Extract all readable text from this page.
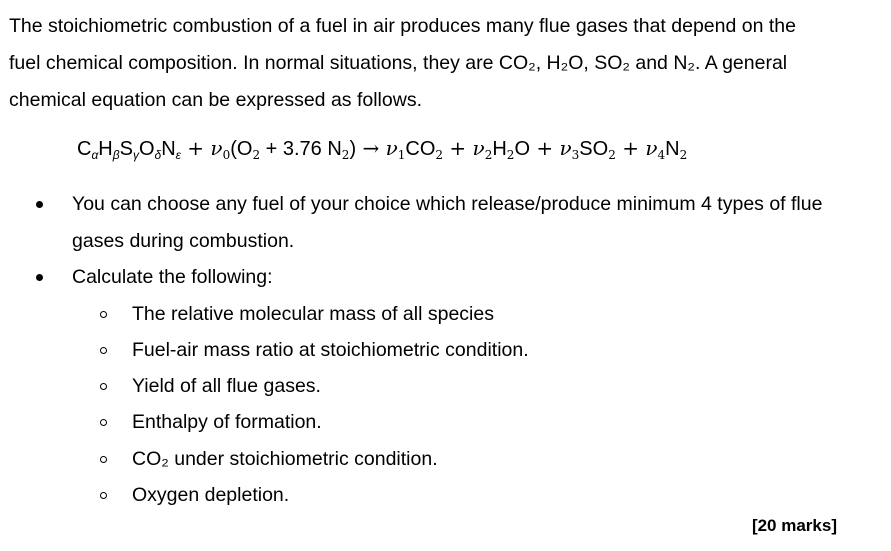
The stoichiometric combustion of a fuel in air produces many flue gases that depend on the
fuel chemical composition. In normal situations, they are CO₂, H₂O, SO₂ and N₂. A general
chemical equation can be expressed as follows.

$C_\alpha H_\beta S_\gamma O_\delta N_\varepsilon + \nu_0(O_2 + 3.76$ $N_2) \to \nu_1CO_2 + \nu_2H_2O + \nu_3SO_2 + \nu_4N_2$
You can choose any fuel of your choice which release/produce minimum 4 types of flue
gases during combustion.
Calculate the following:
The relative molecular mass of all species
Fuel-air mass ratio at stoichiometric condition.
Yield of all flue gases.
Enthalpy of formation.
CO₂ under stoichiometric condition.
Oxygen depletion.
[20 marks]
